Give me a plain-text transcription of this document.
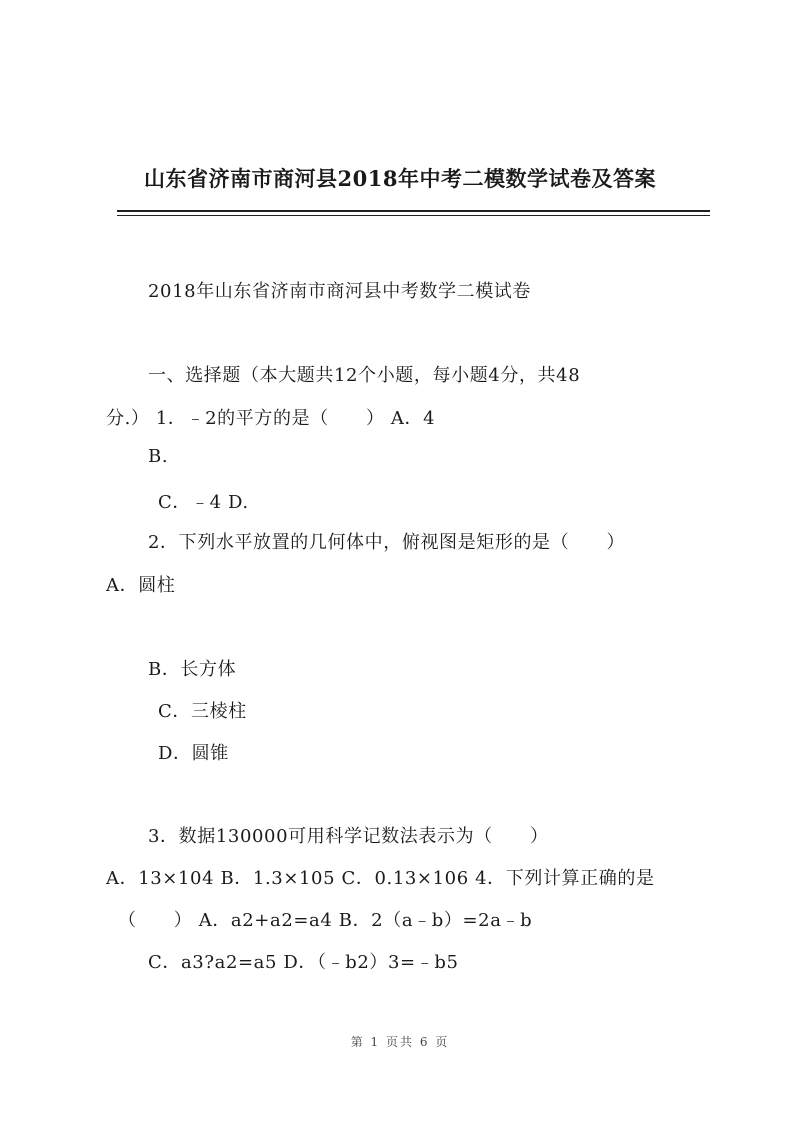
山东省济南市商河县2018年中考二模数学试卷及答案
2018年山东省济南市商河县中考数学二模试卷
一、选择题（本大题共12个小题，每小题4分，共48
分.） 1．﹣2的平方的是（　　） A．4
B.
C．﹣4 D.
2．下列水平放置的几何体中，俯视图是矩形的是（　　）
A．圆柱
B．长方体
C．三棱柱
D．圆锥
3．数据130000可用科学记数法表示为（　　）
A．13×104 B．1.3×105 C．0.13×106 4．下列计算正确的是
（　　） A．a2+a2=a4 B．2（a﹣b）=2a﹣b
C．a3?a2=a5 D．（﹣b2）3=﹣b5
第 1 页共 6 页
